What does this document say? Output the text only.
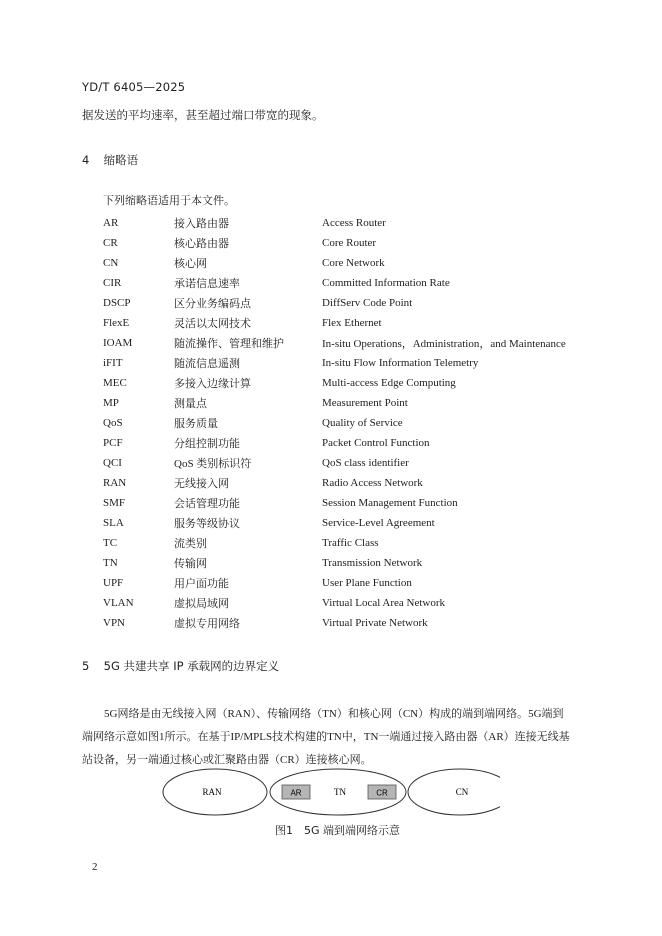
YD/T 6405—2025
据发送的平均速率，甚至超过端口带宽的现象。
4 缩略语
下列缩略语适用于本文件。
AR	接入路由器	Access Router
CR	核心路由器	Core Router
CN	核心网	Core Network
CIR	承诺信息速率	Committed Information Rate
DSCP	区分业务编码点	DiffServ Code Point
FlexE	灵活以太网技术	Flex Ethernet
IOAM	随流操作、管理和维护	In-situ Operations，Administration，and Maintenance
iFIT	随流信息遥测	In-situ Flow Information Telemetry
MEC	多接入边缘计算	Multi-access Edge Computing
MP	测量点	Measurement Point
QoS	服务质量	Quality of Service
PCF	分组控制功能	Packet Control Function
QCI	QoS 类别标识符	QoS class identifier
RAN	无线接入网	Radio Access Network
SMF	会话管理功能	Session Management Function
SLA	服务等级协议	Service-Level Agreement
TC	流类别	Traffic Class
TN	传输网	Transmission Network
UPF	用户面功能	User Plane Function
VLAN	虚拟局域网	Virtual Local Area Network
VPN	虚拟专用网络	Virtual Private Network
5 5G 共建共享 IP 承载网的边界定义
5G网络是由无线接入网（RAN）、传输网络（TN）和核心网（CN）构成的端到端网络。5G端到
端网络示意如图1所示。在基于IP/MPLS技术构建的TN中，TN一端通过接入路由器（AR）连接无线基
站设备，另一端通过核心或汇聚路由器（CR）连接核心网。
RAN	TN	CN
AR	CR
图1　5G 端到端网络示意
2
